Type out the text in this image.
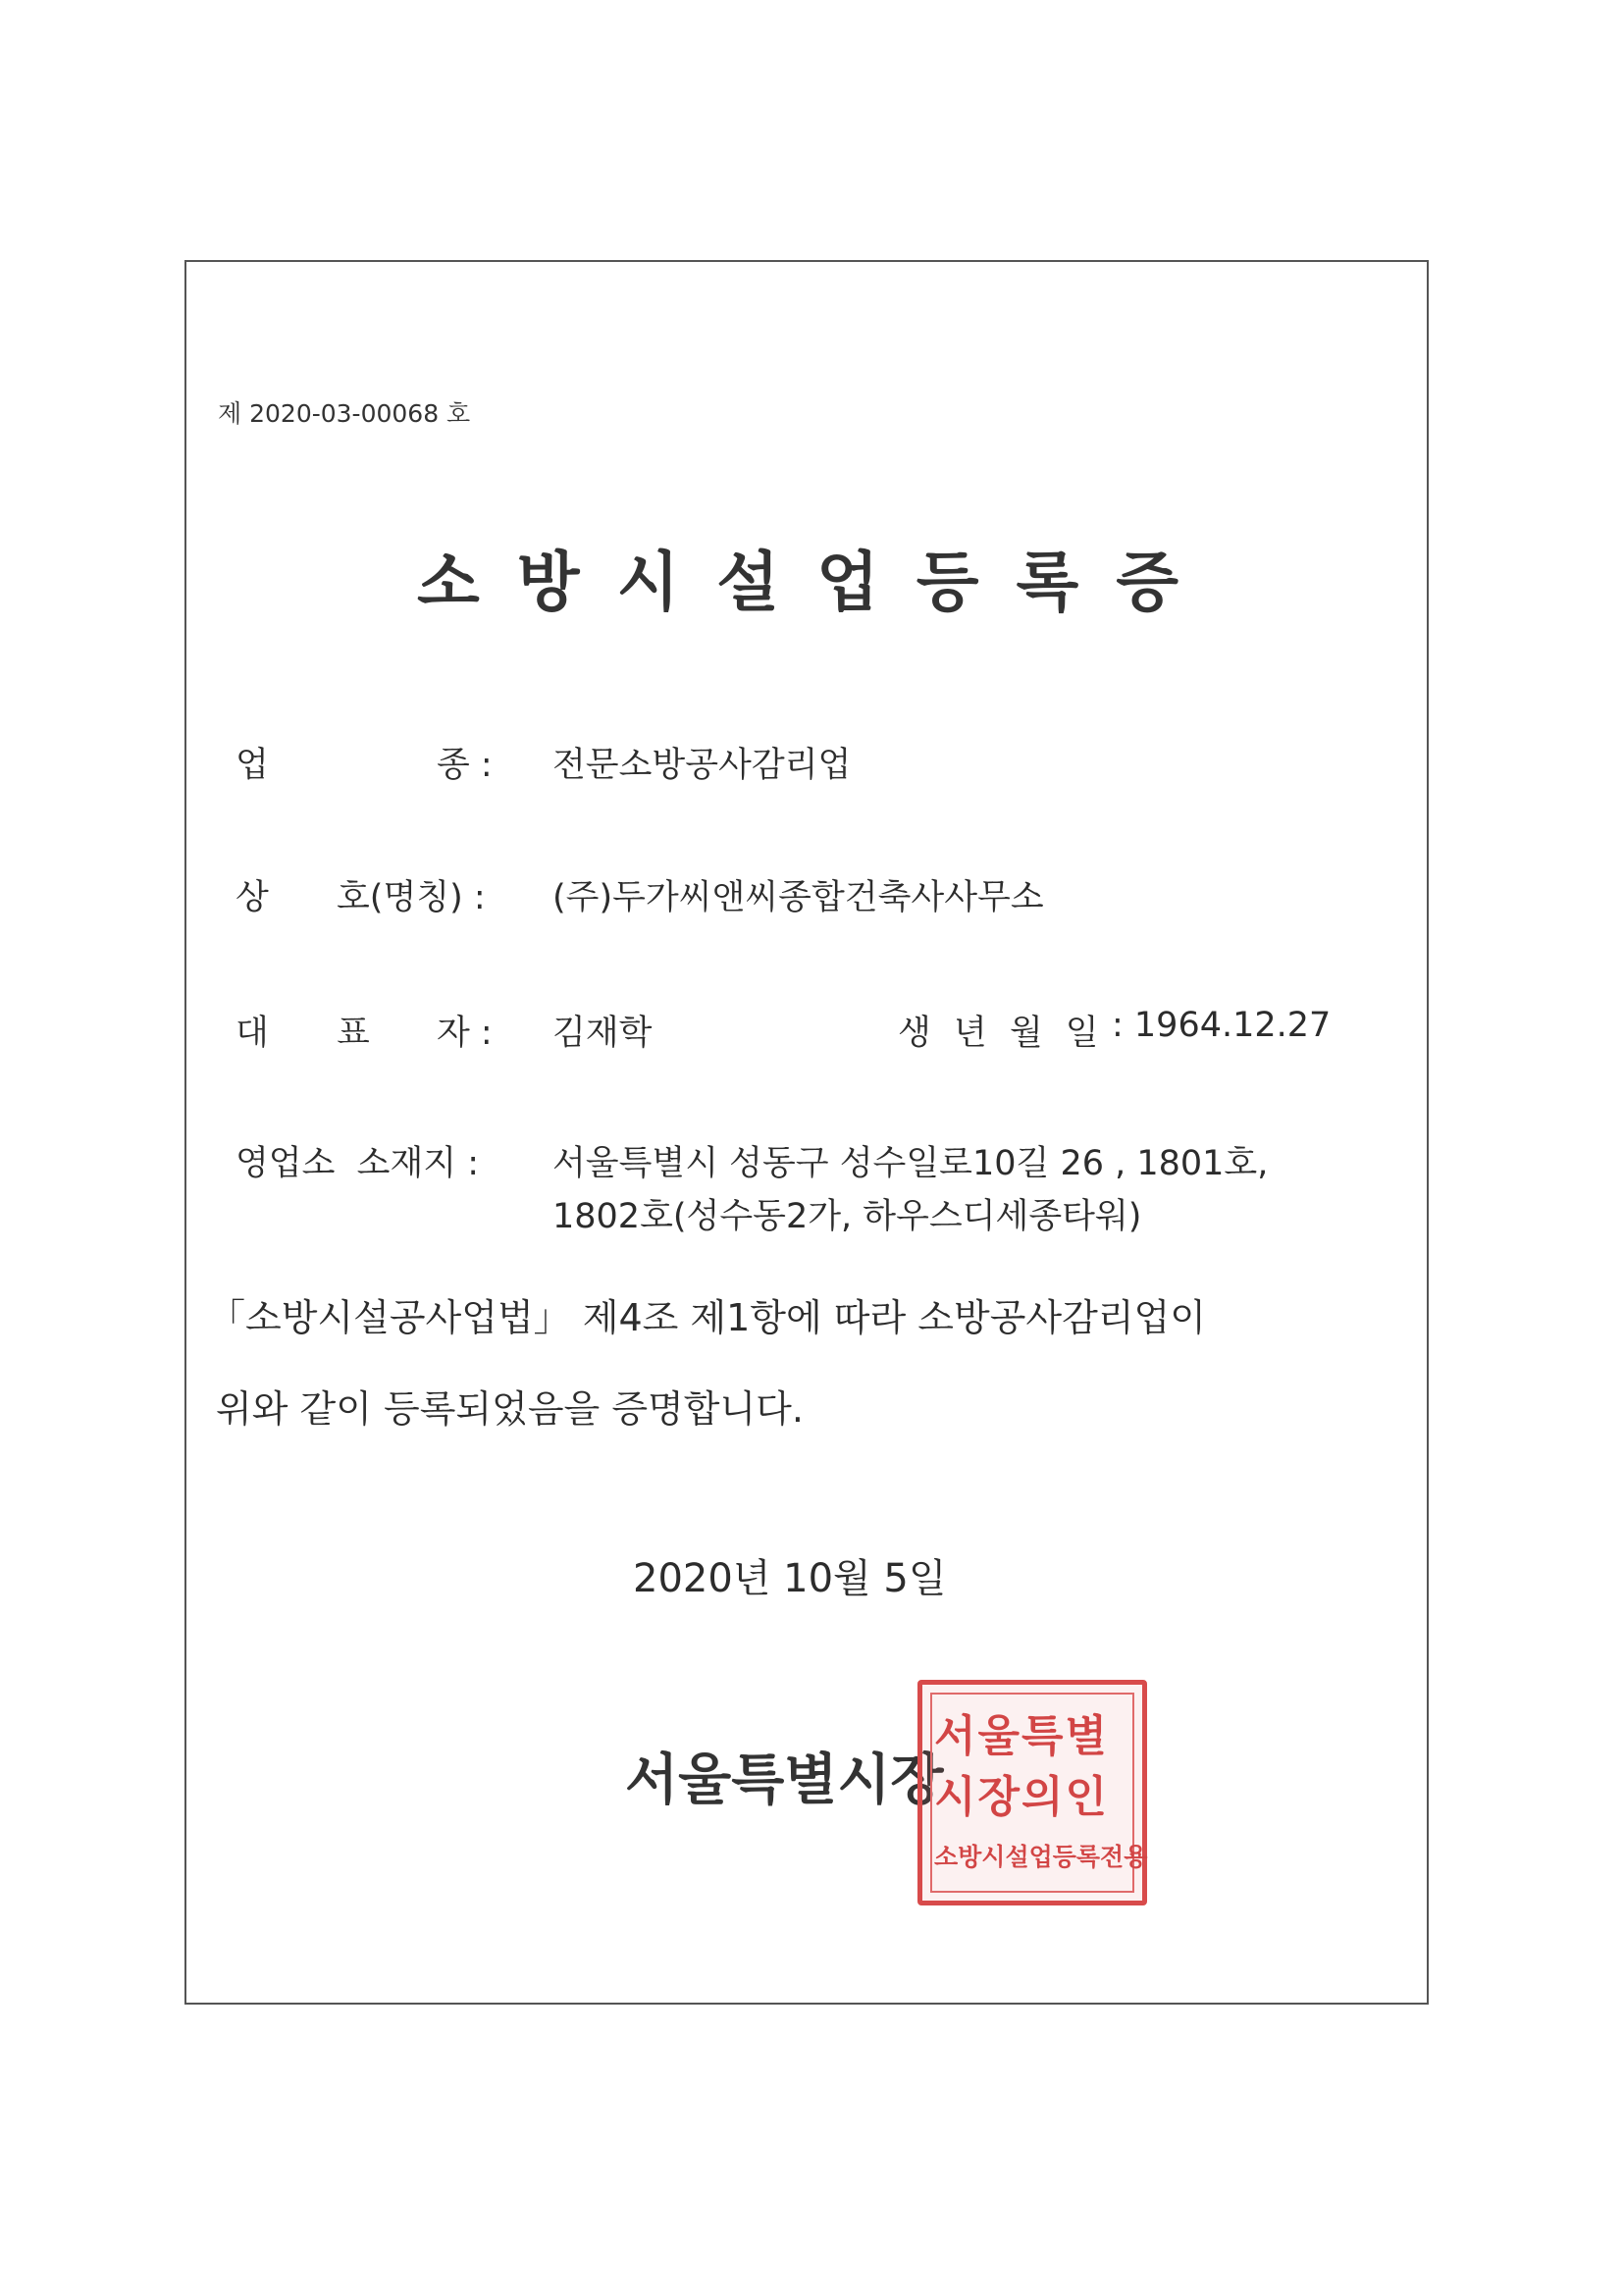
제 2020-03-00068 호
소방시설업등록증
업	종 : 전문소방공사감리업
상 호(명칭) : (주)두가씨앤씨종합건축사사무소
대 표 자 : 김재학	생 년 월 일 : 1964.12.27
영업소  소재지 : 서울특별시 성동구 성수일로10길 26 , 1801호,
1802호(성수동2가, 하우스디세종타워)
「소방시설공사업법」 제4조 제1항에 따라 소방공사감리업이
위와 같이 등록되었음을 증명합니다.
2020년 10월 5일
서울특별시장
서울특별
시장의인
소방시설업등록전용
